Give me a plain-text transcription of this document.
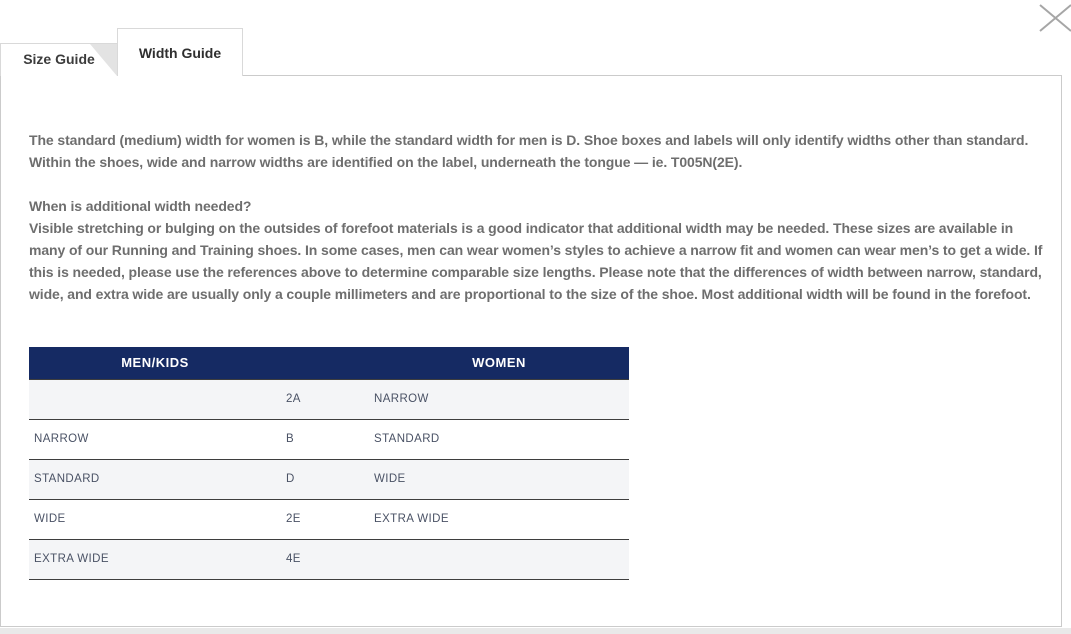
Size Guide	Width Guide
The standard (medium) width for women is B, while the standard width for men is D. Shoe boxes and labels will only identify widths other than standard. Within the shoes, wide and narrow widths are identified on the label, underneath the tongue — ie. T005N(2E).
When is additional width needed?
Visible stretching or bulging on the outsides of forefoot materials is a good indicator that additional width may be needed. These sizes are available in many of our Running and Training shoes. In some cases, men can wear women’s styles to achieve a narrow fit and women can wear men’s to get a wide. If this is needed, please use the references above to determine comparable size lengths. Please note that the differences of width between narrow, standard, wide, and extra wide are usually only a couple millimeters and are proportional to the size of the shoe. Most additional width will be found in the forefoot.
MEN/KIDS		WOMEN
	2A	NARROW
NARROW	B	STANDARD
STANDARD	D	WIDE
WIDE	2E	EXTRA WIDE
EXTRA WIDE	4E	
